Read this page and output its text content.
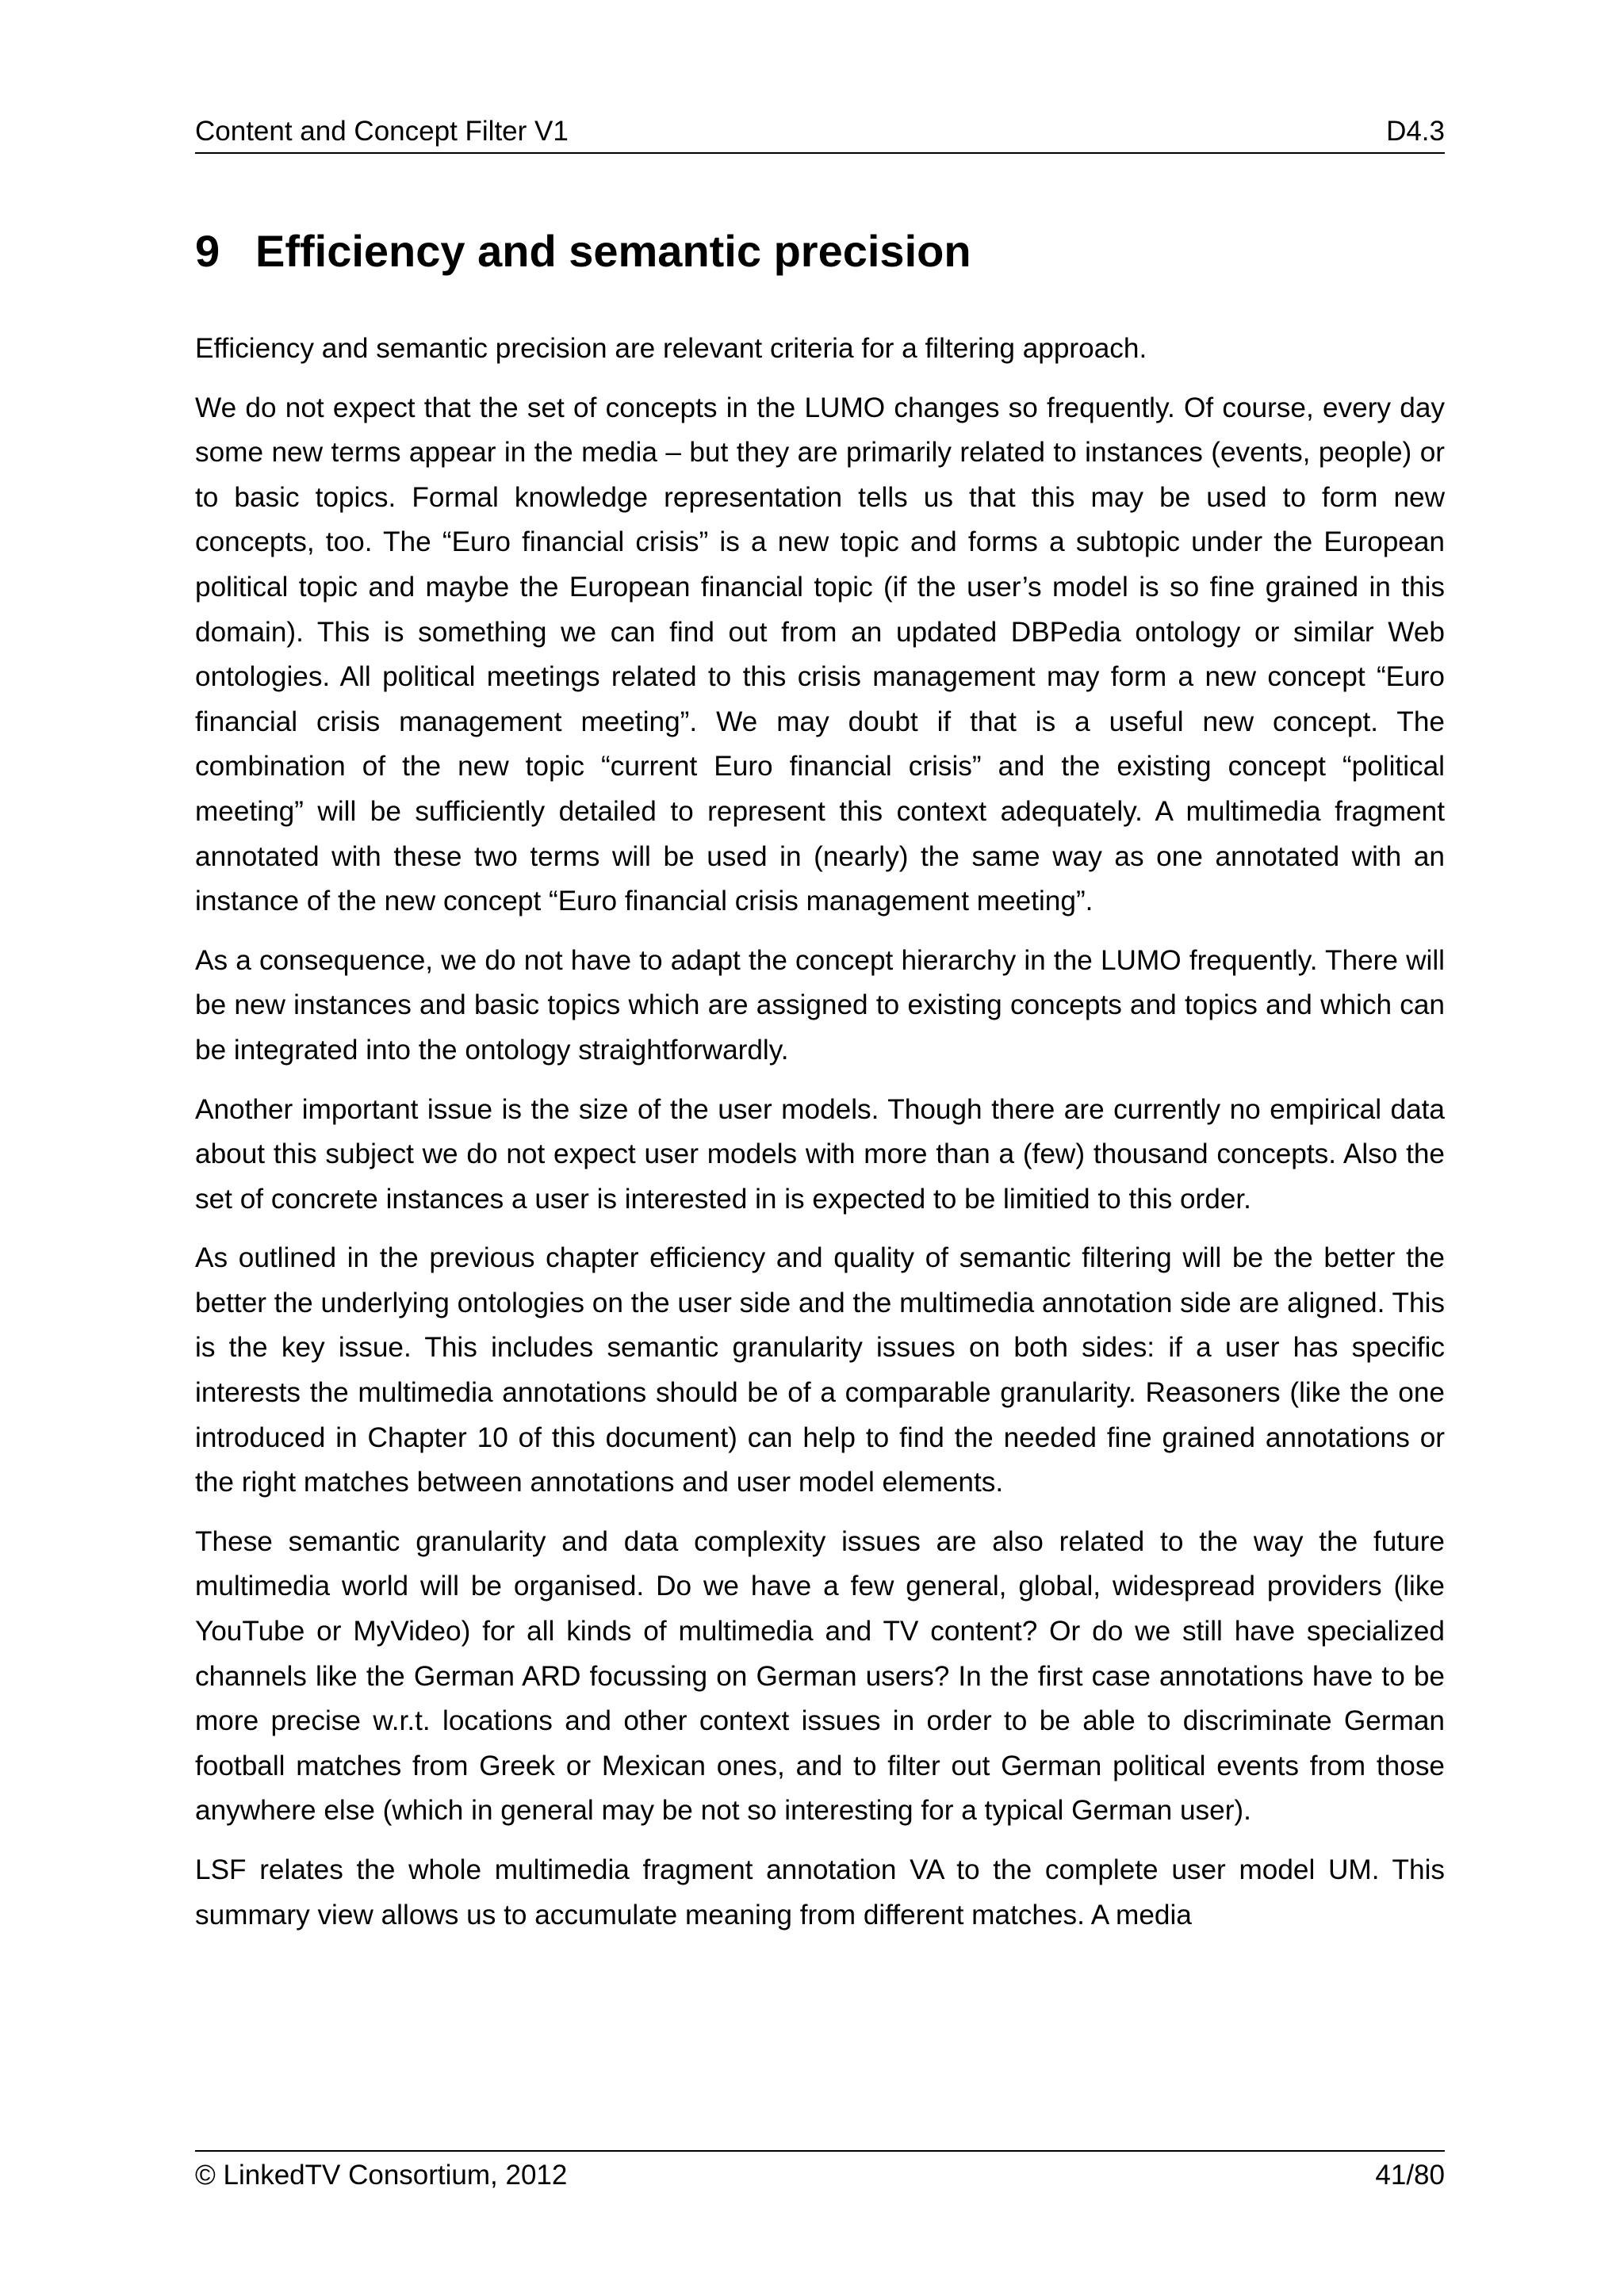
Content and Concept Filter V1	D4.3
9 Efficiency and semantic precision

Efficiency and semantic precision are relevant criteria for a filtering approach.

We do not expect that the set of concepts in the LUMO changes so frequently. Of course, every day some new terms appear in the media – but they are primarily related to instances (events, people) or to basic topics. Formal knowledge representation tells us that this may be used to form new concepts, too. The “Euro financial crisis” is a new topic and forms a subtopic under the European political topic and maybe the European financial topic (if the user’s model is so fine grained in this domain). This is something we can find out from an updated DBPedia ontology or similar Web ontologies. All political meetings related to this crisis management may form a new concept “Euro financial crisis management meeting”. We may doubt if that is a useful new concept. The combination of the new topic “current Euro financial crisis” and the existing concept “political meeting” will be sufficiently detailed to represent this context adequately. A multimedia fragment annotated with these two terms will be used in (nearly) the same way as one annotated with an instance of the new concept “Euro financial crisis management meeting”.

As a consequence, we do not have to adapt the concept hierarchy in the LUMO frequently. There will be new instances and basic topics which are assigned to existing concepts and topics and which can be integrated into the ontology straightforwardly.

Another important issue is the size of the user models. Though there are currently no empirical data about this subject we do not expect user models with more than a (few) thousand concepts. Also the set of concrete instances a user is interested in is expected to be limitied to this order.

As outlined in the previous chapter efficiency and quality of semantic filtering will be the better the better the underlying ontologies on the user side and the multimedia annotation side are aligned. This is the key issue. This includes semantic granularity issues on both sides: if a user has specific interests the multimedia annotations should be of a comparable granularity. Reasoners (like the one introduced in Chapter 10 of this document) can help to find the needed fine grained annotations or the right matches between annotations and user model elements.

These semantic granularity and data complexity issues are also related to the way the future multimedia world will be organised. Do we have a few general, global, widespread providers (like YouTube or MyVideo) for all kinds of multimedia and TV content? Or do we still have specialized channels like the German ARD focussing on German users? In the first case annotations have to be more precise w.r.t. locations and other context issues in order to be able to discriminate German football matches from Greek or Mexican ones, and to filter out German political events from those anywhere else (which in general may be not so interesting for a typical German user).

LSF relates the whole multimedia fragment annotation VA to the complete user model UM. This summary view allows us to accumulate meaning from different matches. A media

© LinkedTV Consortium, 2012	41/80
